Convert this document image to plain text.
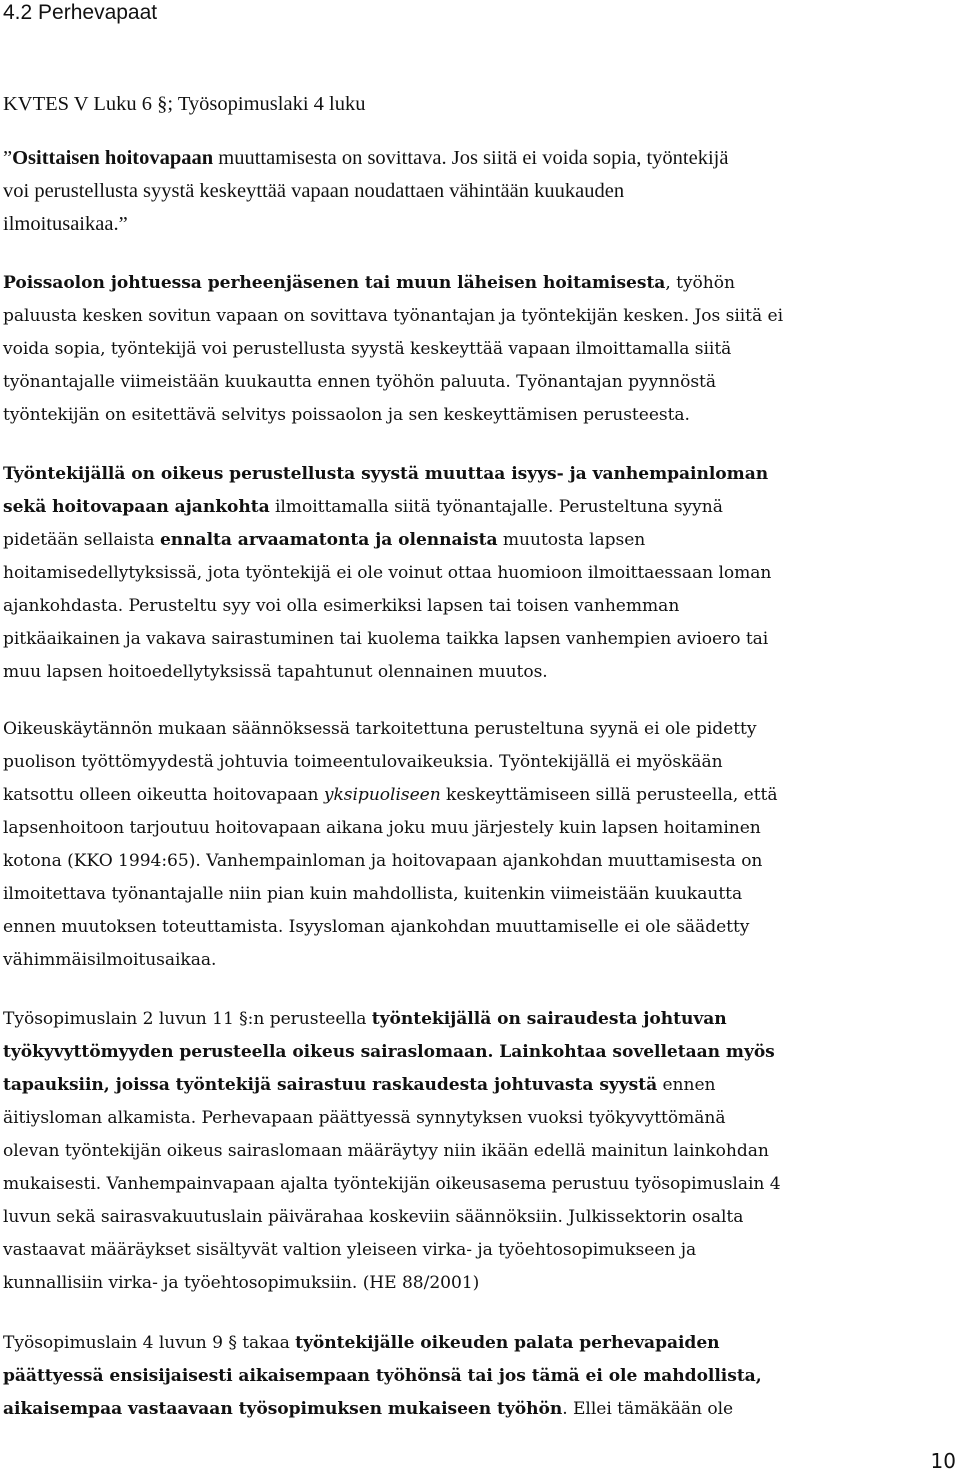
4.2 Perhevapaat

KVTES V Luku 6 §; Työsopimuslaki 4 luku

”Osittaisen hoitovapaan muuttamisesta on sovittava. Jos siitä ei voida sopia, työntekijä
voi perustellusta syystä keskeyttää vapaan noudattaen vähintään kuukauden
ilmoitusaikaa.”

Poissaolon johtuessa perheenjäsenen tai muun läheisen hoitamisesta, työhön
paluusta kesken sovitun vapaan on sovittava työnantajan ja työntekijän kesken. Jos siitä ei
voida sopia, työntekijä voi perustellusta syystä keskeyttää vapaan ilmoittamalla siitä
työnantajalle viimeistään kuukautta ennen työhön paluuta. Työnantajan pyynnöstä
työntekijän on esitettävä selvitys poissaolon ja sen keskeyttämisen perusteesta.

Työntekijällä on oikeus perustellusta syystä muuttaa isyys- ja vanhempainloman
sekä hoitovapaan ajankohta ilmoittamalla siitä työnantajalle. Perusteltuna syynä
pidetään sellaista ennalta arvaamatonta ja olennaista muutosta lapsen
hoitamisedellytyksissä, jota työntekijä ei ole voinut ottaa huomioon ilmoittaessaan loman
ajankohdasta. Perusteltu syy voi olla esimerkiksi lapsen tai toisen vanhemman
pitkäaikainen ja vakava sairastuminen tai kuolema taikka lapsen vanhempien avioero tai
muu lapsen hoitoedellytyksissä tapahtunut olennainen muutos.

Oikeuskäytännön mukaan säännöksessä tarkoitettuna perusteltuna syynä ei ole pidetty
puolison työttömyydestä johtuvia toimeentulovaikeuksia. Työntekijällä ei myöskään
katsottu olleen oikeutta hoitovapaan yksipuoliseen keskeyttämiseen sillä perusteella, että
lapsenhoitoon tarjoutuu hoitovapaan aikana joku muu järjestely kuin lapsen hoitaminen
kotona (KKO 1994:65). Vanhempainloman ja hoitovapaan ajankohdan muuttamisesta on
ilmoitettava työnantajalle niin pian kuin mahdollista, kuitenkin viimeistään kuukautta
ennen muutoksen toteuttamista. Isyysloman ajankohdan muuttamiselle ei ole säädetty
vähimmäisilmoitusaikaa.

Työsopimuslain 2 luvun 11 §:n perusteella työntekijällä on sairaudesta johtuvan
työkyvyttömyyden perusteella oikeus sairaslomaan. Lainkohtaa sovelletaan myös
tapauksiin, joissa työntekijä sairastuu raskaudesta johtuvasta syystä ennen
äitiysloman alkamista. Perhevapaan päättyessä synnytyksen vuoksi työkyvyttömänä
olevan työntekijän oikeus sairaslomaan määräytyy niin ikään edellä mainitun lainkohdan
mukaisesti. Vanhempainvapaan ajalta työntekijän oikeusasema perustuu työsopimuslain 4
luvun sekä sairasvakuutuslain päivärahaa koskeviin säännöksiin. Julkissektorin osalta
vastaavat määräykset sisältyvät valtion yleiseen virka- ja työehtosopimukseen ja
kunnallisiin virka- ja työehtosopimuksiin. (HE 88/2001)

Työsopimuslain 4 luvun 9 § takaa työntekijälle oikeuden palata perhevapaiden
päättyessä ensisijaisesti aikaisempaan työhönsä tai jos tämä ei ole mahdollista,
aikaisempaa vastaavaan työsopimuksen mukaiseen työhön. Ellei tämäkään ole

10
